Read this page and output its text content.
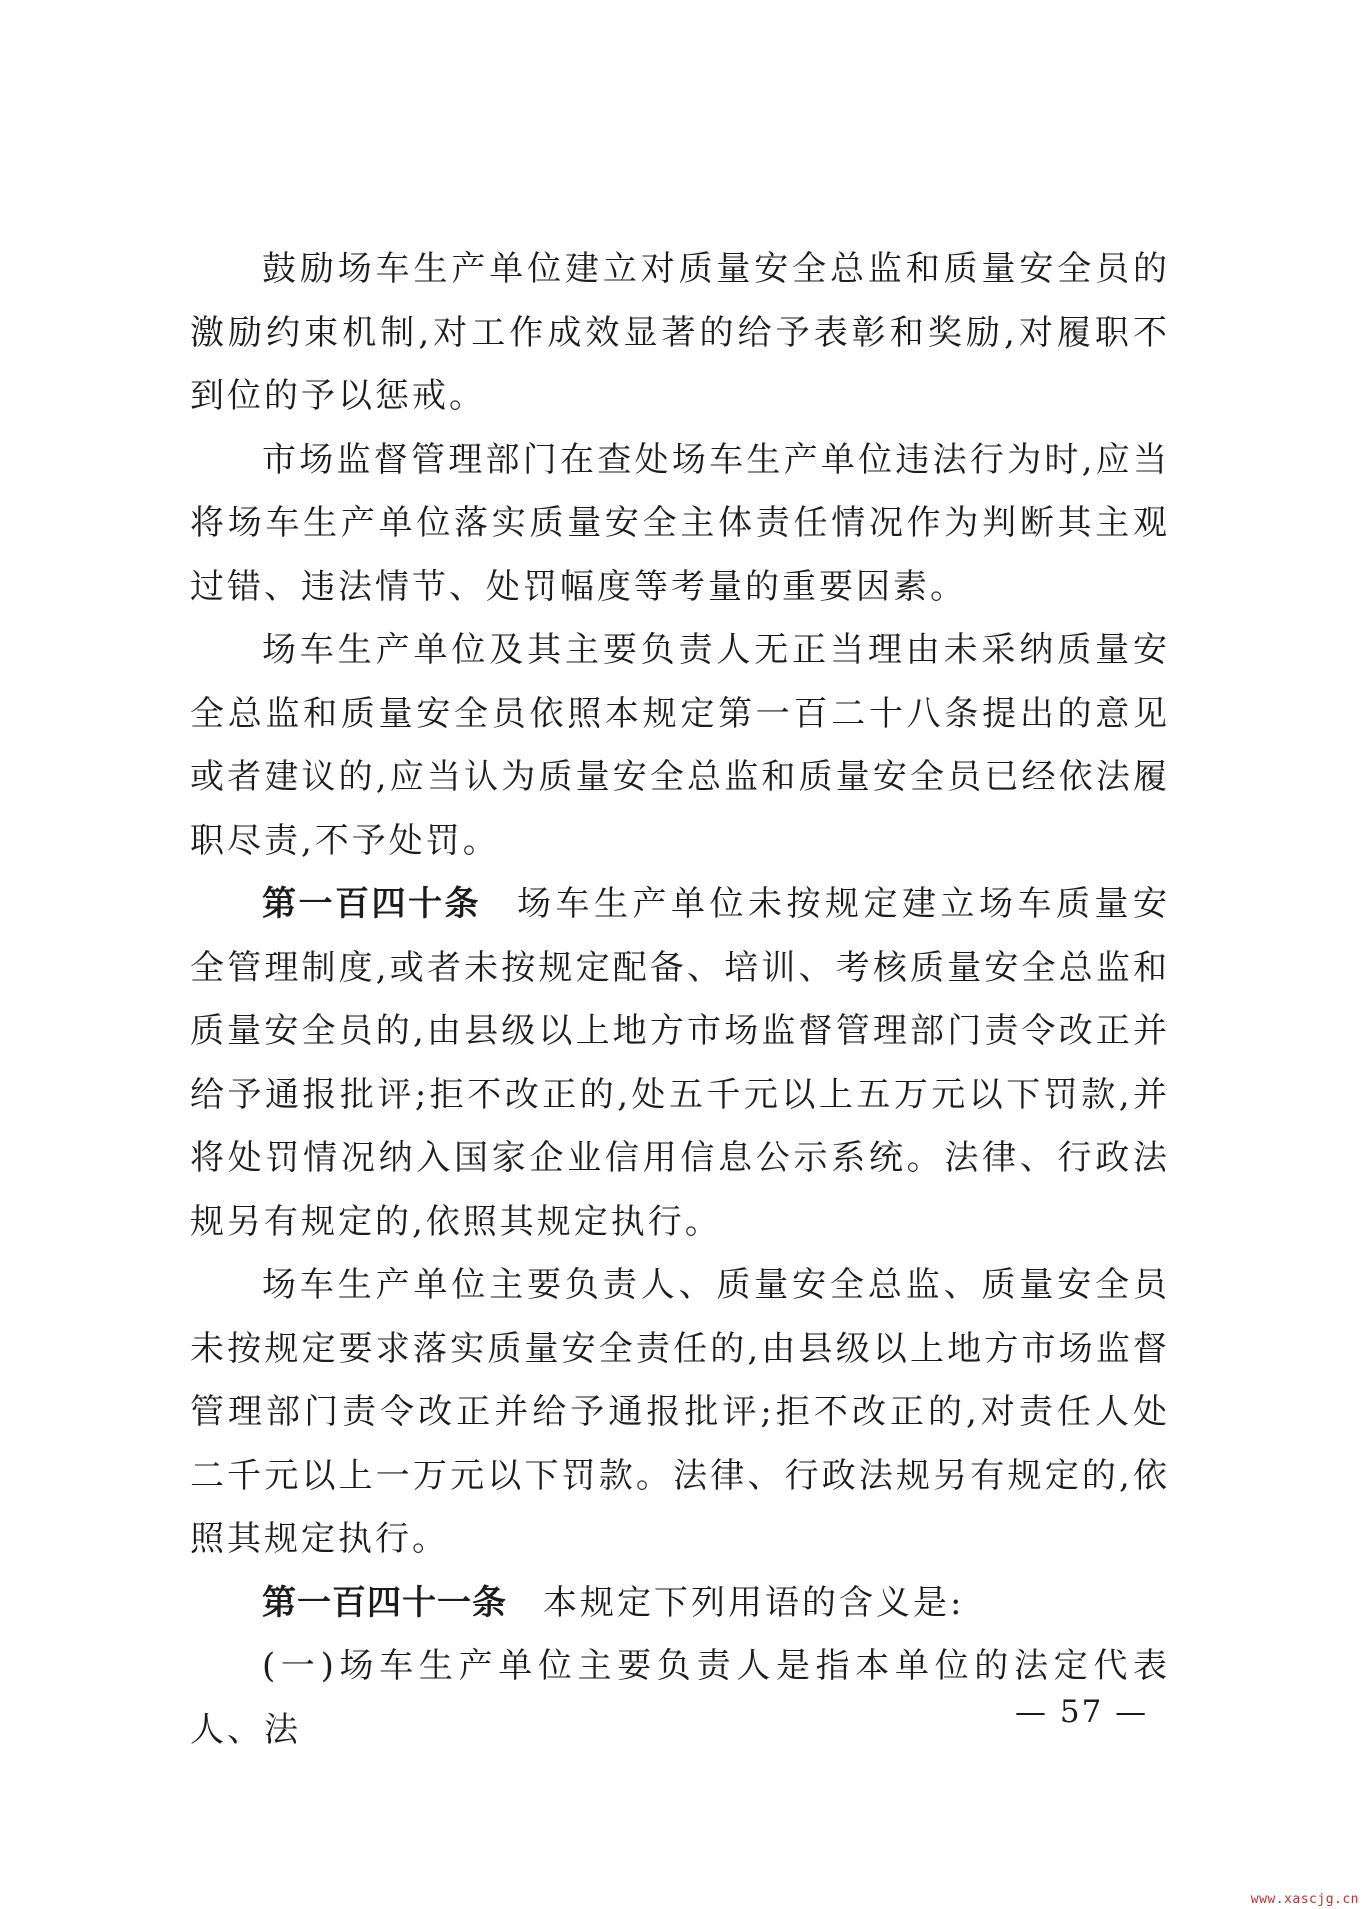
鼓励场车生产单位建立对质量安全总监和质量安全员的激励约束机制,对工作成效显著的给予表彰和奖励,对履职不到位的予以惩戒。

市场监督管理部门在查处场车生产单位违法行为时,应当将场车生产单位落实质量安全主体责任情况作为判断其主观过错、违法情节、处罚幅度等考量的重要因素。

场车生产单位及其主要负责人无正当理由未采纳质量安全总监和质量安全员依照本规定第一百二十八条提出的意见或者建议的,应当认为质量安全总监和质量安全员已经依法履职尽责,不予处罚。

第一百四十条 场车生产单位未按规定建立场车质量安全管理制度,或者未按规定配备、培训、考核质量安全总监和质量安全员的,由县级以上地方市场监督管理部门责令改正并给予通报批评;拒不改正的,处五千元以上五万元以下罚款,并将处罚情况纳入国家企业信用信息公示系统。法律、行政法规另有规定的,依照其规定执行。

场车生产单位主要负责人、质量安全总监、质量安全员未按规定要求落实质量安全责任的,由县级以上地方市场监督管理部门责令改正并给予通报批评;拒不改正的,对责任人处二千元以上一万元以下罚款。法律、行政法规另有规定的,依照其规定执行。

第一百四十一条 本规定下列用语的含义是:

(一)场车生产单位主要负责人是指本单位的法定代表人、法	— 57 —
www.xascjg.cn
